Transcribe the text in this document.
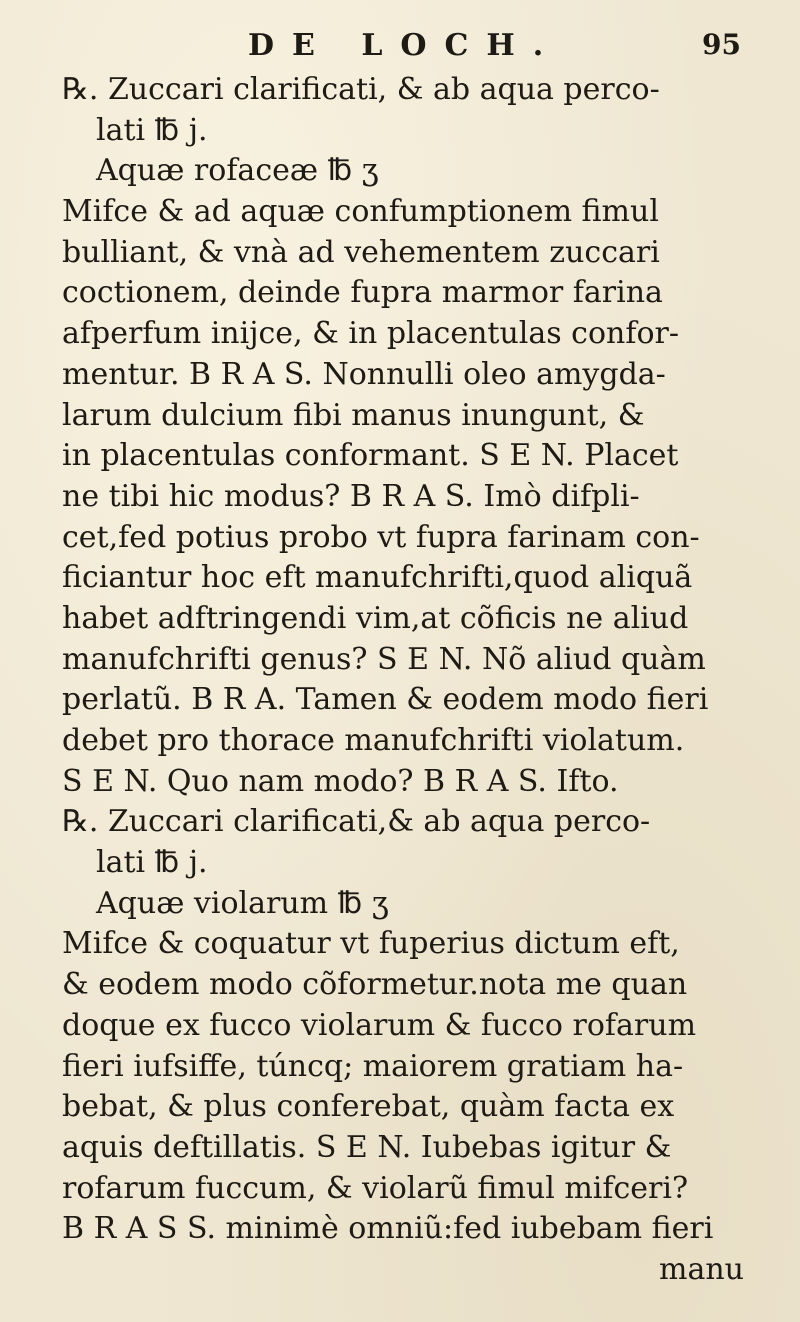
DE LOCH.	95
℞. Zuccari clarificati, & ab aqua perco-
lati ℔ j.
Aquæ rofaceæ ℔ ʒ
Mifce & ad aquæ confumptionem fimul
bulliant, & vnà ad vehementem zuccari
coctionem, deinde fupra marmor farina
afperfum inijce, & in placentulas confor-
mentur. B R A S. Nonnulli oleo amygda-
larum dulcium fibi manus inungunt, &
in placentulas conformant. S E N. Placet
ne tibi hic modus? B R A S. Imò difpli-
cet,fed potius probo vt fupra farinam con-
ficiantur hoc eft manufchrifti,quod aliquã
habet adftringendi vim,at cõficis ne aliud
manufchrifti genus? S E N. Nõ aliud quàm
perlatũ. B R A. Tamen & eodem modo fieri
debet pro thorace manufchrifti violatum.
S E N. Quo nam modo? B R A S. Ifto.
℞. Zuccari clarificati,& ab aqua perco-
lati ℔ j.
Aquæ violarum ℔ ʒ
Mifce & coquatur vt fuperius dictum eft,
& eodem modo cõformetur.nota me quan
doque ex fucco violarum & fucco rofarum
fieri iufsiffe, túncq; maiorem gratiam ha-
bebat, & plus conferebat, quàm facta ex
aquis deftillatis. S E N. Iubebas igitur &
rofarum fuccum, & violarũ fimul mifceri?
B R A S S. minimè omniũ:fed iubebam fieri
manu
